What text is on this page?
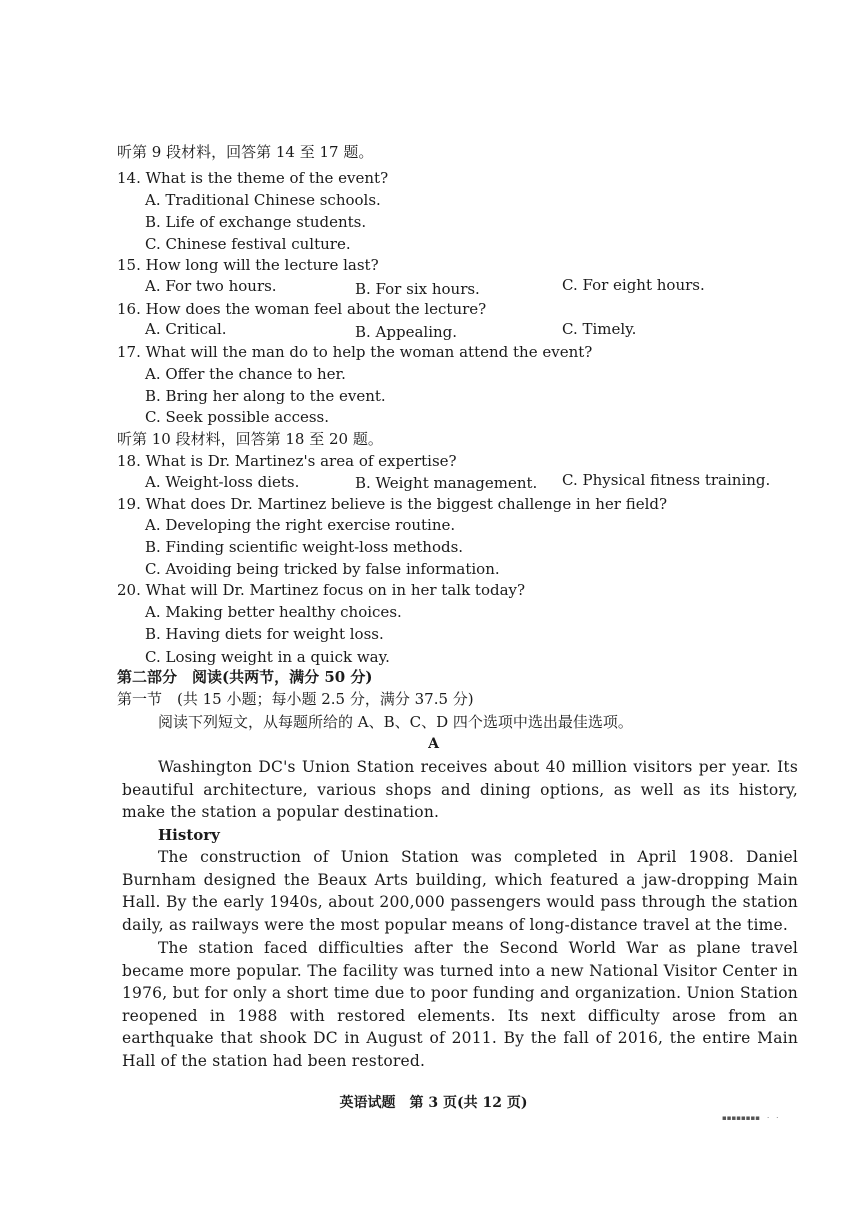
听第 9 段材料，回答第 14 至 17 题。
14. What is the theme of the event?
A. Traditional Chinese schools.
B. Life of exchange students.
C. Chinese festival culture.
15. How long will the lecture last?
A. For two hours.	B. For six hours.	C. For eight hours.
16. How does the woman feel about the lecture?
A. Critical.	B. Appealing.	C. Timely.
17. What will the man do to help the woman attend the event?
A. Offer the chance to her.
B. Bring her along to the event.
C. Seek possible access.
听第 10 段材料，回答第 18 至 20 题。
18. What is Dr. Martinez's area of expertise?
A. Weight-loss diets.	B. Weight management. C. Physical fitness training.
19. What does Dr. Martinez believe is the biggest challenge in her field?
A. Developing the right exercise routine.
B. Finding scientific weight-loss methods.
C. Avoiding being tricked by false information.
20. What will Dr. Martinez focus on in her talk today?
A. Making better healthy choices.
B. Having diets for weight loss.
C. Losing weight in a quick way.
第二部分　阅读(共两节，满分 50 分)
第一节　(共 15 小题；每小题 2.5 分，满分 37.5 分)
阅读下列短文，从每题所给的 A、B、C、D 四个选项中选出最佳选项。
A
Washington DC's Union Station receives about 40 million visitors per year. Its beautiful architecture, various shops and dining options, as well as its history, make the station a popular destination.
History
The construction of Union Station was completed in April 1908. Daniel Burnham designed the Beaux Arts building, which featured a jaw-dropping Main Hall. By the early 1940s, about 200,000 passengers would pass through the station daily, as railways were the most popular means of long-distance travel at the time.
The station faced difficulties after the Second World War as plane travel became more popular. The facility was turned into a new National Visitor Center in 1976, but for only a short time due to poor funding and organization. Union Station reopened in 1988 with restored elements. Its next difficulty arose from an earthquake that shook DC in August of 2011. By the fall of 2016, the entire Main Hall of the station had been restored.
英语试题　第 3 页(共 12 页)
▪▪▪▪▪▪▪▪　·　·
